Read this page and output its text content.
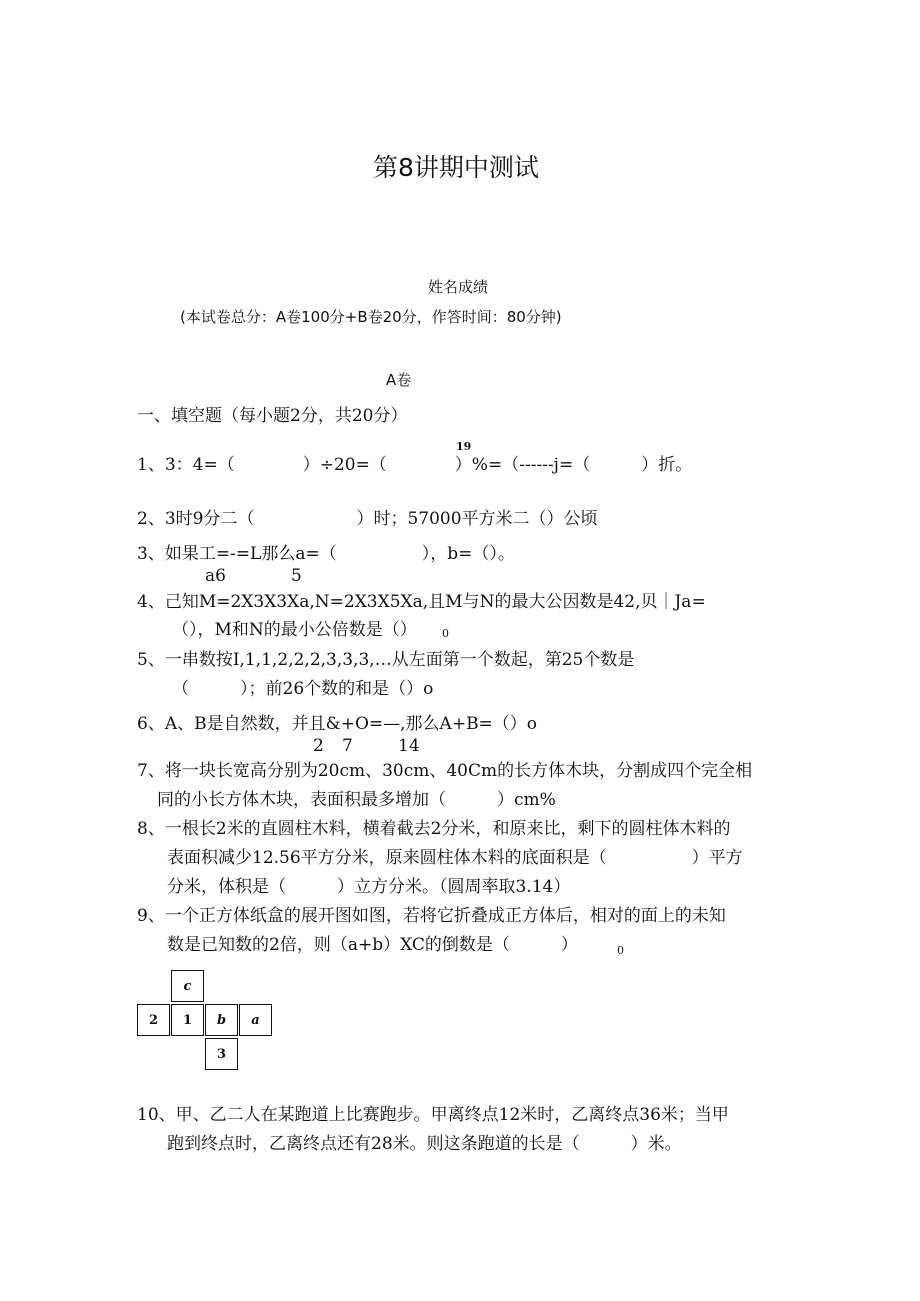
第8讲期中测试
姓名成绩
(本试卷总分：A卷100分+B卷20分，作答时间：80分钟)
A卷
一、填空题（每小题2分，共20分）
19
1、3：4=（　　　　）÷20=（　　　　）%=（------j=（　　　）折。
2、3时9分二（　　　　　　）时；57000平方米二（）公顷
3、如果工=-=L那么a=（　　　　　），b=（）。
a6	5
4、己知M=2X3X3Xa,N=2X3X5Xa,且M与N的最大公因数是42,贝｜Ja=
（），M和N的最小公倍数是（） 0
5、一串数按I,1,1,2,2,2,3,3,3,…从左面第一个数起，第25个数是
（　　　）；前26个数的和是（）o
6、A、B是自然数，并且&+O=—,那么A+B=（）o
2 7	14
7、将一块长宽高分别为20cm、30cm、40Cm的长方体木块，分割成四个完全相
同的小长方体木块，表面积最多增加（　　　）cm%
8、一根长2米的直圆柱木料，横着截去2分米，和原来比，剩下的圆柱体木料的
表面积减少12.56平方分米，原来圆柱体木料的底面积是（　　　　　）平方
分米，体积是（　　　）立方分米。（圆周率取3.14）
9、一个正方体纸盒的展开图如图，若将它折叠成正方体后，相对的面上的未知
数是已知数的2倍，则（a+b）XC的倒数是（　　　）	0
c
2	1	b	a
3
10、甲、乙二人在某跑道上比赛跑步。甲离终点12米时，乙离终点36米；当甲
跑到终点时，乙离终点还有28米。则这条跑道的长是（　　　）米。
